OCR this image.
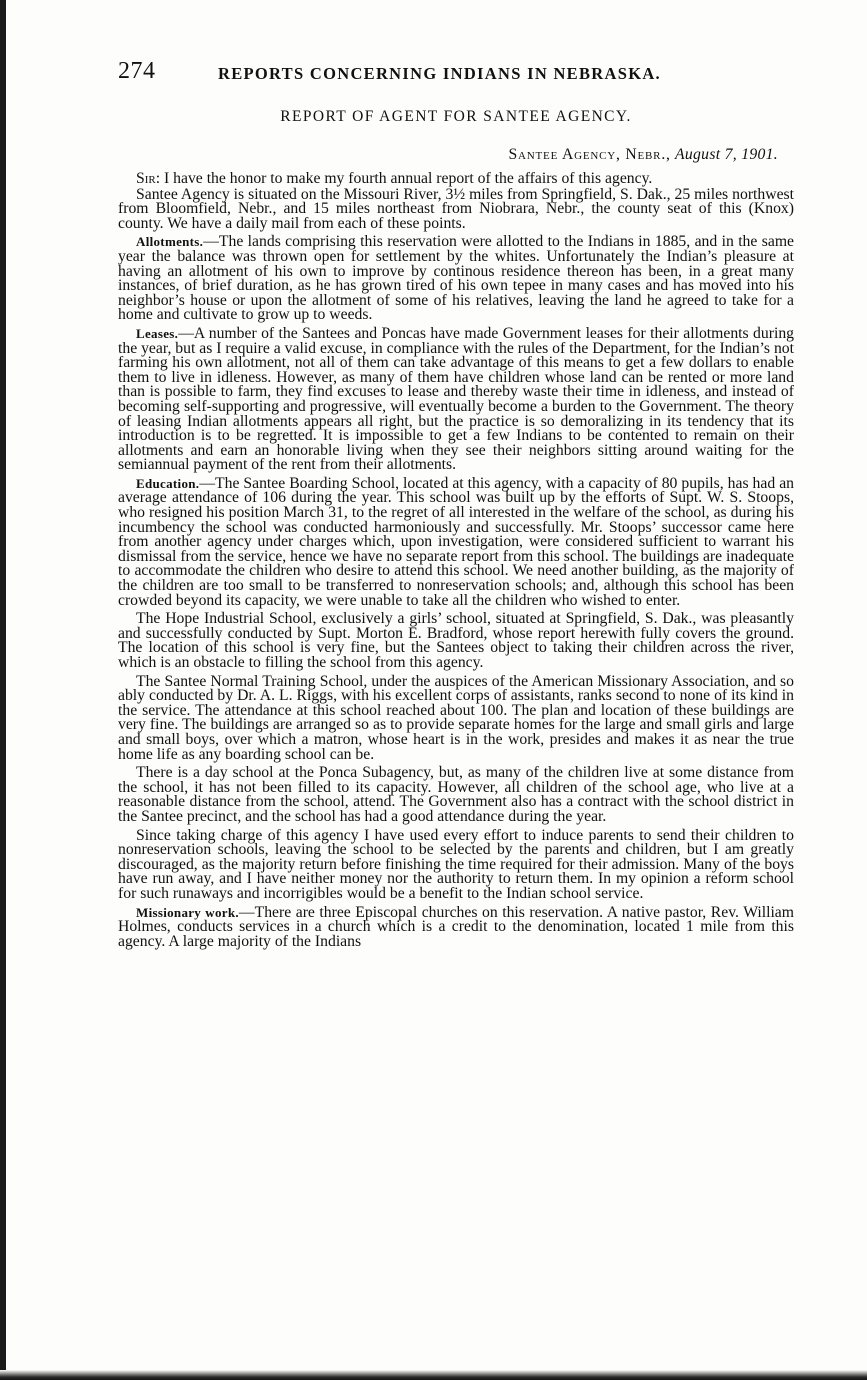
274	REPORTS CONCERNING INDIANS IN NEBRASKA.
REPORT OF AGENT FOR SANTEE AGENCY.
Santee Agency, Nebr., August 7, 1901.

Sir: I have the honor to make my fourth annual report of the affairs of this agency.

Santee Agency is situated on the Missouri River, 3½ miles from Springfield, S. Dak., 25 miles northwest from Bloomfield, Nebr., and 15 miles northeast from Niobrara, Nebr., the county seat of this (Knox) county. We have a daily mail from each of these points.

Allotments.—The lands comprising this reservation were allotted to the Indians in 1885, and in the same year the balance was thrown open for settlement by the whites. Unfortunately the Indian’s pleasure at having an allotment of his own to improve by continous residence thereon has been, in a great many instances, of brief duration, as he has grown tired of his own tepee in many cases and has moved into his neighbor’s house or upon the allotment of some of his relatives, leaving the land he agreed to take for a home and cultivate to grow up to weeds.

Leases.—A number of the Santees and Poncas have made Government leases for their allotments during the year, but as I require a valid excuse, in compliance with the rules of the Department, for the Indian’s not farming his own allotment, not all of them can take advantage of this means to get a few dollars to enable them to live in idleness. However, as many of them have children whose land can be rented or more land than is possible to farm, they find excuses to lease and thereby waste their time in idleness, and instead of becoming self-supporting and progressive, will eventually become a burden to the Government. The theory of leasing Indian allotments appears all right, but the practice is so demoralizing in its tendency that its introduction is to be regretted. It is impossible to get a few Indians to be contented to remain on their allotments and earn an honorable living when they see their neighbors sitting around waiting for the semiannual payment of the rent from their allotments.

Education.—The Santee Boarding School, located at this agency, with a capacity of 80 pupils, has had an average attendance of 106 during the year. This school was built up by the efforts of Supt. W. S. Stoops, who resigned his position March 31, to the regret of all interested in the welfare of the school, as during his incumbency the school was conducted harmoniously and successfully. Mr. Stoops’ successor came here from another agency under charges which, upon investigation, were considered sufficient to warrant his dismissal from the service, hence we have no separate report from this school. The buildings are inadequate to accommodate the children who desire to attend this school. We need another building, as the majority of the children are too small to be transferred to nonreservation schools; and, although this school has been crowded beyond its capacity, we were unable to take all the children who wished to enter.

The Hope Industrial School, exclusively a girls’ school, situated at Springfield, S. Dak., was pleasantly and successfully conducted by Supt. Morton E. Bradford, whose report herewith fully covers the ground. The location of this school is very fine, but the Santees object to taking their children across the river, which is an obstacle to filling the school from this agency.

The Santee Normal Training School, under the auspices of the American Missionary Association, and so ably conducted by Dr. A. L. Riggs, with his excellent corps of assistants, ranks second to none of its kind in the service. The attendance at this school reached about 100. The plan and location of these buildings are very fine. The buildings are arranged so as to provide separate homes for the large and small girls and large and small boys, over which a matron, whose heart is in the work, presides and makes it as near the true home life as any boarding school can be.

There is a day school at the Ponca Subagency, but, as many of the children live at some distance from the school, it has not been filled to its capacity. However, all children of the school age, who live at a reasonable distance from the school, attend. The Government also has a contract with the school district in the Santee precinct, and the school has had a good attendance during the year.

Since taking charge of this agency I have used every effort to induce parents to send their children to nonreservation schools, leaving the school to be selected by the parents and children, but I am greatly discouraged, as the majority return before finishing the time required for their admission. Many of the boys have run away, and I have neither money nor the authority to return them. In my opinion a reform school for such runaways and incorrigibles would be a benefit to the Indian school service.

Missionary work.—There are three Episcopal churches on this reservation. A native pastor, Rev. William Holmes, conducts services in a church which is a credit to the denomination, located 1 mile from this agency. A large majority of the Indians
